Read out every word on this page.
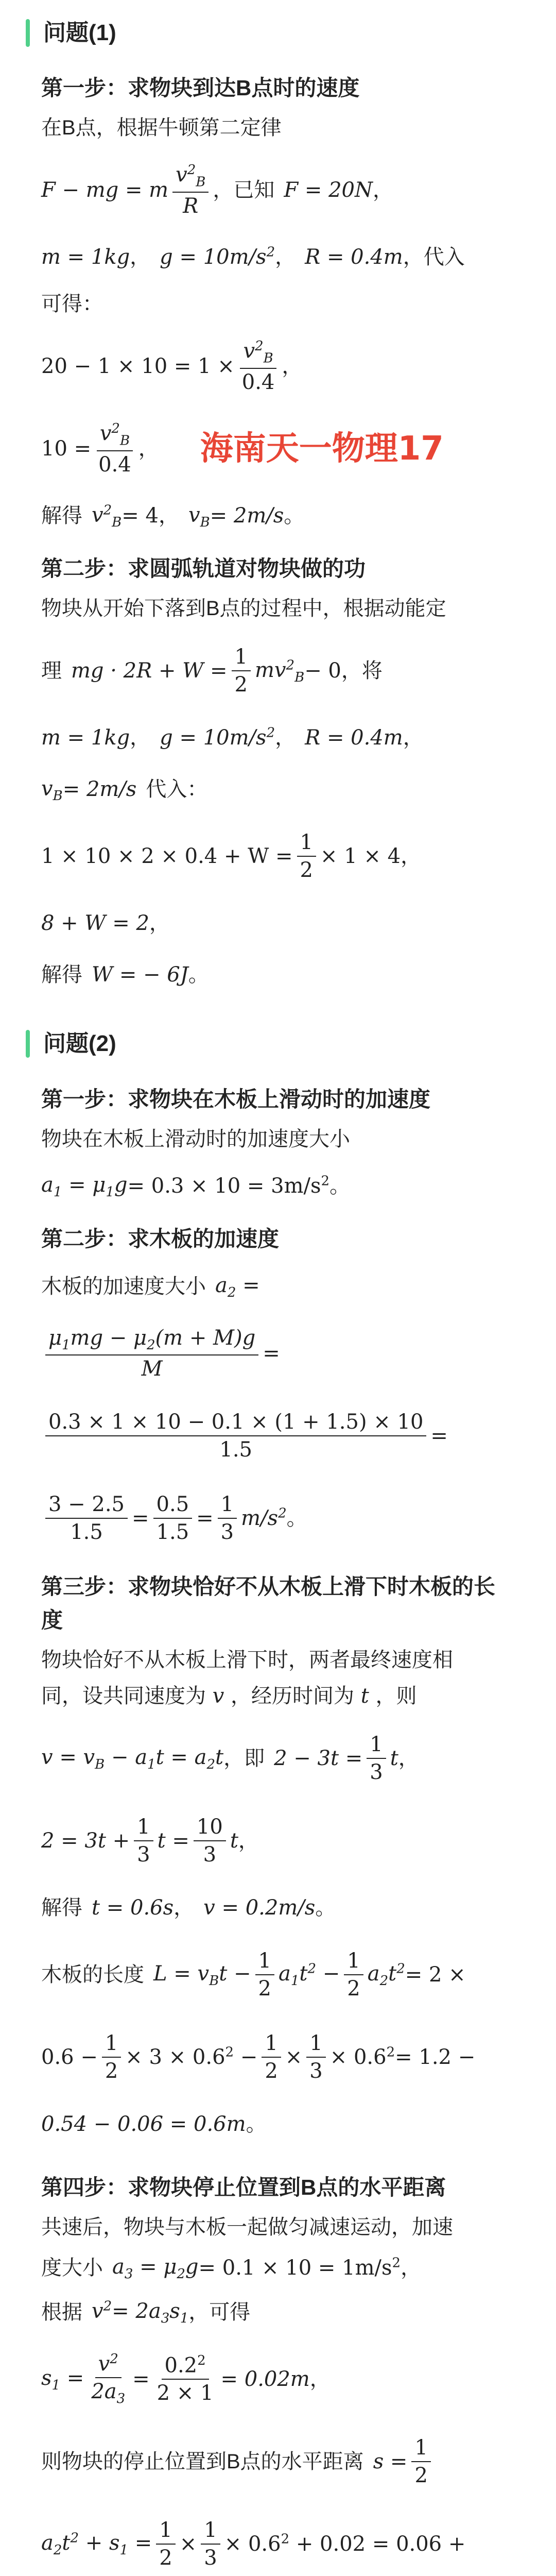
问题(1)
第一步：求物块到达B点时的速度
在B点，根据牛顿第二定律
F − mg = m $\frac{v^2_B}{R}$ ，已知 F = 20N ，
m = 1kg ， $g = 10m/s^2$ ， R = 0.4m ，代入
可得：
$20 - 1 \times 10 = 1 \times \frac{v^2_B}{0.4}$ ，
$10 = \frac{v^2_B}{0.4}$ ， 海南天一物理17
解得 $v^2_B = 4$ ， $v_B = 2m/s$ 。
第二步：求圆弧轨道对物块做的功
物块从开始下落到B点的过程中，根据动能定
理 mg · $2R + W = \frac{1}{2} mv^2_B - 0$ ，将
m = 1kg ， $g = 10m/s^2$ ， R = 0.4m ，
$v_B = 2m/s$ 代入：
$1 \times 10 \times 2 \times 0.4 + W = \frac{1}{2} \times 1 \times 4$ ，
8 + W = 2 ，
解得 W = − 6J 。
问题(2)
第一步：求物块在木板上滑动时的加速度
物块在木板上滑动时的加速度大小
$a_1 = \mu_1g = 0.3 \times 10 = 3m/s^2$ 。
第二步：求木板的加速度
木板的加速度大小 $a_2$ =
$\frac{\mu_1mg - \mu_2(m + M)g}{M}$ =
$\frac{0.3 \times 1 \times 10 - 0.1 \times (1 + 1.5) \times 10}{1.5}$ =
$\frac{3 - 2.5}{1.5} = \frac{0.5}{1.5} = \frac{1}{3} m/s^2$ 。
第三步：求物块恰好不从木板上滑下时木板的长
度
物块恰好不从木板上滑下时，两者最终速度相
同，设共同速度为 v ，经历时间为 t ，则
$v = v_B - a_1t = a_2t$ ，即 $2 - 3t = \frac{1}{3}$ t ，
$2 = 3t + \frac{1}{3}$ $t = \frac{10}{3}$ t ，
解得 t = 0.6s ， v = 0.2m/s 。
木板的长度 $L = v_Bt - \frac{1}{2} a_1t^2 - \frac{1}{2} a_2t^2 = 2$ ×
$0.6 - \frac{1}{2} \times 3 \times 0.6^2 - \frac{1}{2} \times \frac{1}{3} \times 0.6^2 = 1.2$ −
0.54 − 0.06 = 0.6m 。
第四步：求物块停止位置到B点的水平距离
共速后，物块与木板一起做匀减速运动，加速
度大小 $a_3 = \mu_2g = 0.1 \times 10 = 1m/s^2$ ，
根据 $v^2= 2a_3s_1$ ，可得
$s_1 = \frac{v^2}{2a_3} = \frac{0.2^2}{2 \times 1} = 0.02m$ ，
则物块的停止位置到B点的水平距离 $s = \frac{1}{2}$
$a_2t^2 + s_1 = \frac{1}{2} \times \frac{1}{3} \times 0.6^2 + 0.02 = 0.06$ +
